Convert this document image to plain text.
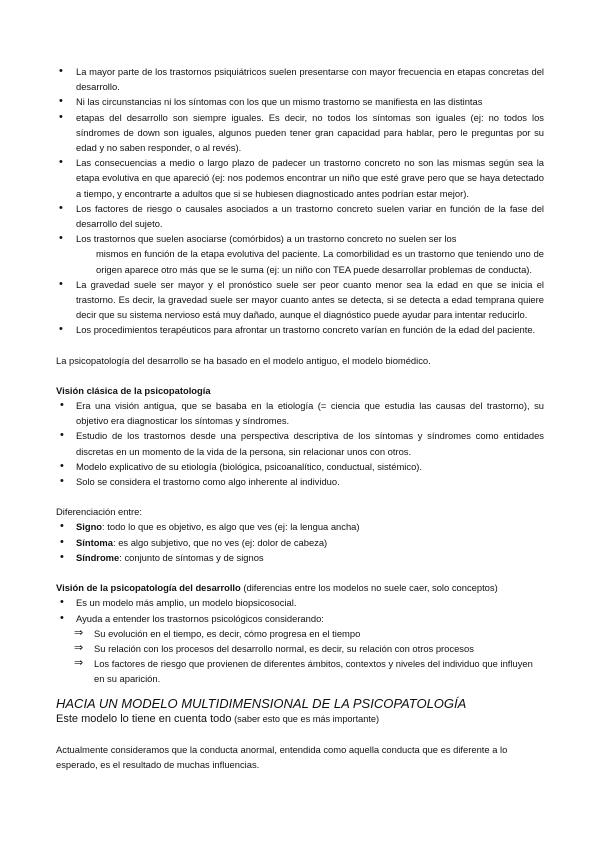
• La mayor parte de los trastornos psiquiátricos suelen presentarse con mayor frecuencia en etapas concretas del desarrollo.
• Ni las circunstancias ni los síntomas con los que un mismo trastorno se manifiesta en las distintas
• etapas del desarrollo son siempre iguales. Es decir, no todos los síntomas son iguales (ej: no todos los síndromes de down son iguales, algunos pueden tener gran capacidad para hablar, pero le preguntas por su edad y no saben responder, o al revés).
• Las consecuencias a medio o largo plazo de padecer un trastorno concreto no son las mismas según sea la etapa evolutiva en que apareció (ej: nos podemos encontrar un niño que esté grave pero que se haya detectado a tiempo, y encontrarte a adultos que si se hubiesen diagnosticado antes podrían estar mejor).
• Los factores de riesgo o causales asociados a un trastorno concreto suelen variar en función de la fase del desarrollo del sujeto.
• Los trastornos que suelen asociarse (comórbidos) a un trastorno concreto no suelen ser los
mismos en función de la etapa evolutiva del paciente. La comorbilidad es un trastorno que teniendo uno de origen aparece otro más que se le suma (ej: un niño con TEA puede desarrollar problemas de conducta).
• La gravedad suele ser mayor y el pronóstico suele ser peor cuanto menor sea la edad en que se inicia el trastorno. Es decir, la gravedad suele ser mayor cuanto antes se detecta, si se detecta a edad temprana quiere decir que su sistema nervioso está muy dañado, aunque el diagnóstico puede ayudar para intentar reducirlo.
• Los procedimientos terapéuticos para afrontar un trastorno concreto varían en función de la edad del paciente.

La psicopatología del desarrollo se ha basado en el modelo antiguo, el modelo biomédico.

Visión clásica de la psicopatología

• Era una visión antigua, que se basaba en la etiología (= ciencia que estudia las causas del trastorno), su objetivo era diagnosticar los síntomas y síndromes.
• Estudio de los trastornos desde una perspectiva descriptiva de los síntomas y síndromes como entidades discretas en un momento de la vida de la persona, sin relacionar unos con otros.
• Modelo explicativo de su etiología (biológica, psicoanalítico, conductual, sistémico).
• Solo se considera el trastorno como algo inherente al individuo.

Diferenciación entre:

• Signo: todo lo que es objetivo, es algo que ves (ej: la lengua ancha)
• Síntoma: es algo subjetivo, que no ves (ej: dolor de cabeza)
• Síndrome: conjunto de síntomas y de signos

Visión de la psicopatología del desarrollo (diferencias entre los modelos no suele caer, solo conceptos)

• Es un modelo más amplio, un modelo biopsicosocial.
• Ayuda a entender los trastornos psicológicos considerando:
⇒ Su evolución en el tiempo, es decir, cómo progresa en el tiempo
⇒ Su relación con los procesos del desarrollo normal, es decir, su relación con otros procesos
⇒ Los factores de riesgo que provienen de diferentes ámbitos, contextos y niveles del individuo que influyen en su aparición.

HACIA UN MODELO MULTIDIMENSIONAL DE LA PSICOPATOLOGÍA

Este modelo lo tiene en cuenta todo (saber esto que es más importante)

Actualmente consideramos que la conducta anormal, entendida como aquella conducta que es diferente a lo esperado, es el resultado de muchas influencias.
